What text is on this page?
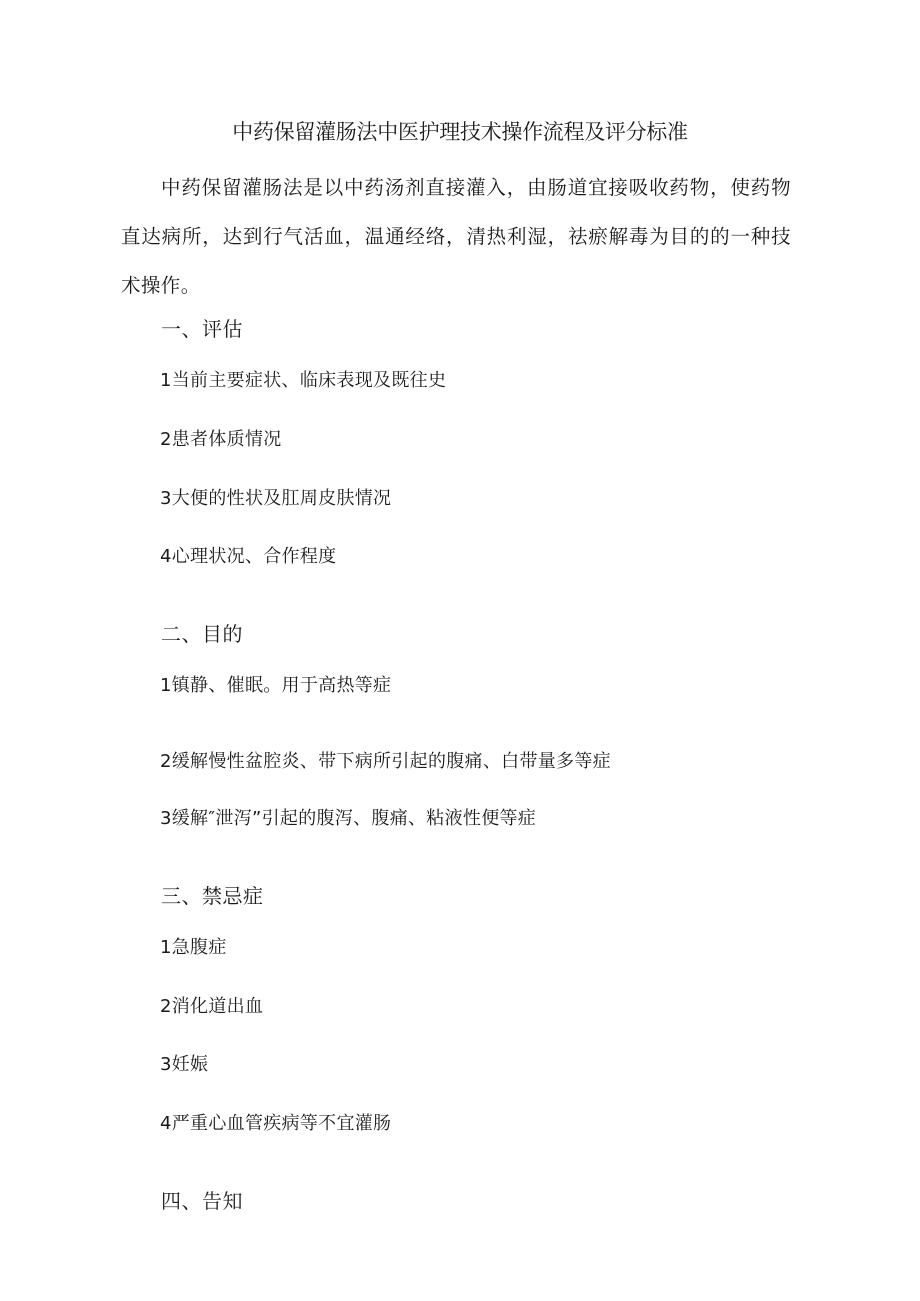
中药保留灌肠法中医护理技术操作流程及评分标准

中药保留灌肠法是以中药汤剂直接灌入，由肠道宜接吸收药物，使药物直达病所，达到行气活血，温通经络，清热利湿，祛瘀解毒为目的的一种技术操作。

一、评估
1当前主要症状、临床表现及既往史
2患者体质情况
3大便的性状及肛周皮肤情况
4心理状况、合作程度
二、目的
1镇静、催眠。用于高热等症
2缓解慢性盆腔炎、带下病所引起的腹痛、白带量多等症
3缓解″泄泻”引起的腹泻、腹痛、粘液性便等症
三、禁忌症
1急腹症
2消化道出血
3妊娠
4严重心血管疾病等不宜灌肠
四、告知
